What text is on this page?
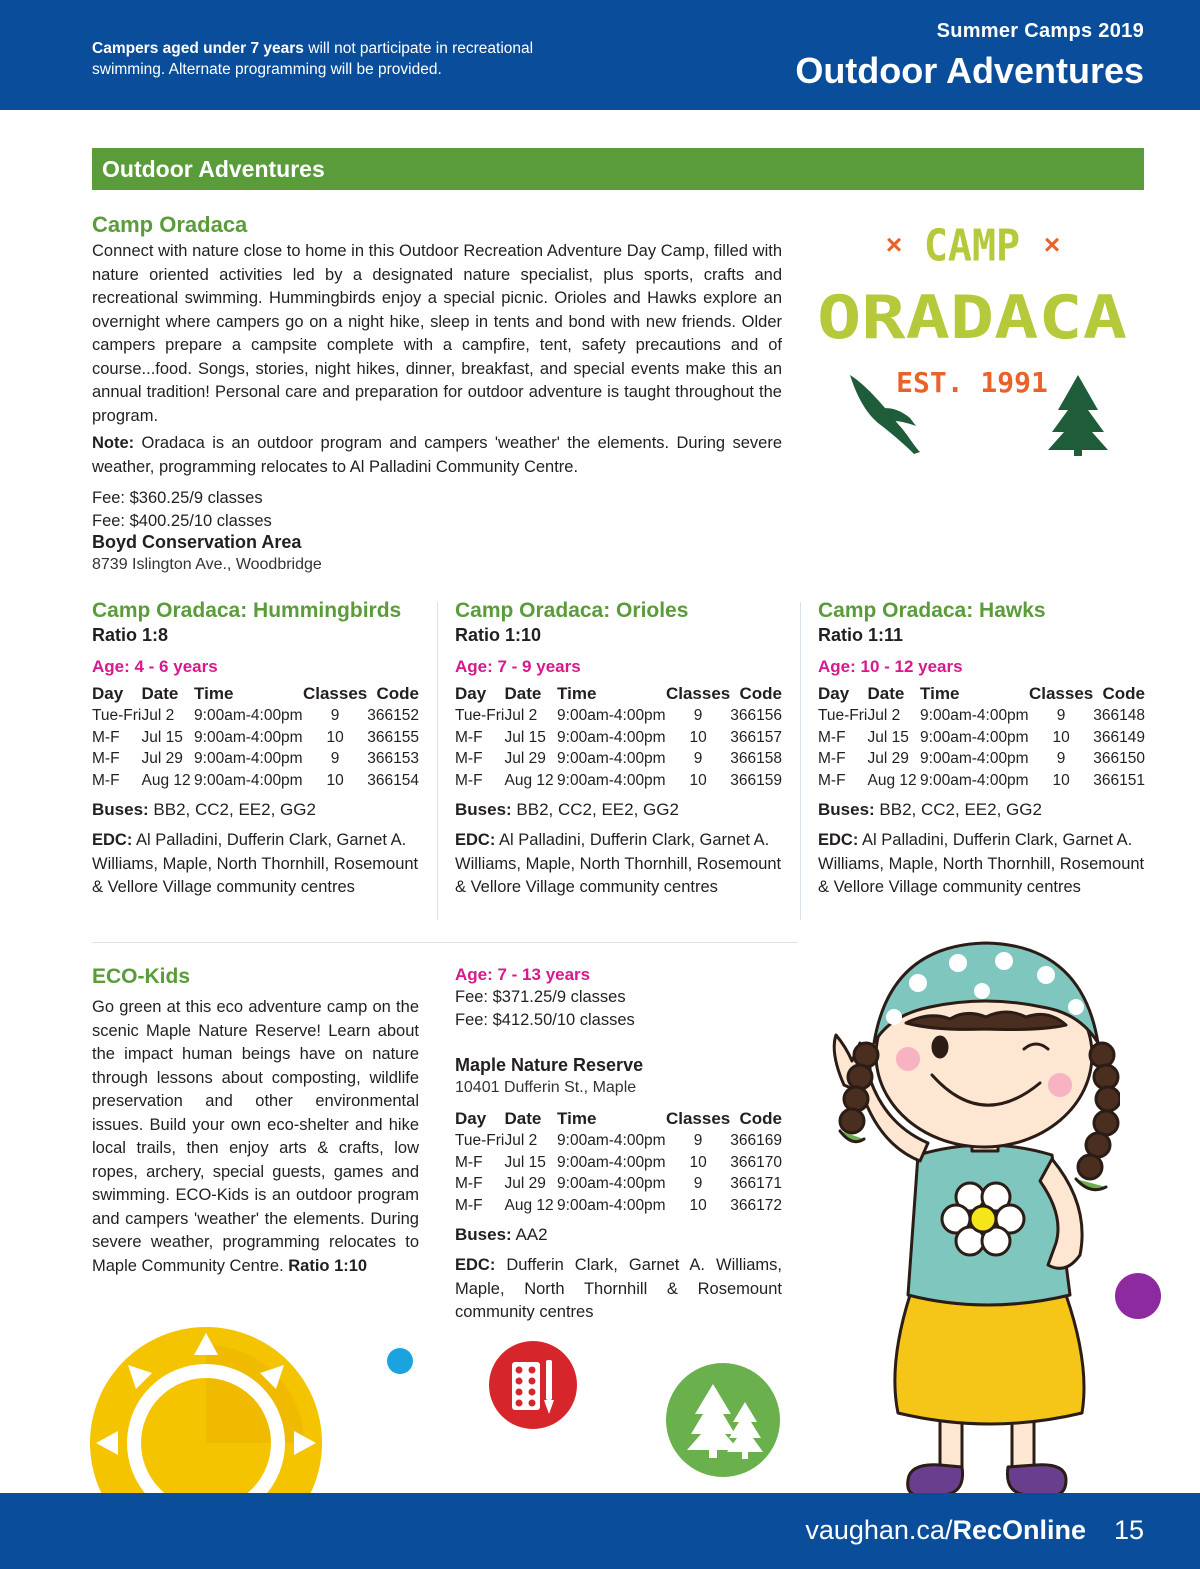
Campers aged under 7 years will not participate in recreational swimming. Alternate programming will be provided.
Summer Camps 2019
Outdoor Adventures
Outdoor Adventures
Camp Oradaca

Connect with nature close to home in this Outdoor Recreation Adventure Day Camp, filled with nature oriented activities led by a designated nature specialist, plus sports, crafts and recreational swimming. Hummingbirds enjoy a special picnic. Orioles and Hawks explore an overnight where campers go on a night hike, sleep in tents and bond with new friends. Older campers prepare a campsite complete with a campfire, tent, safety precautions and of course...food. Songs, stories, night hikes, dinner, breakfast, and special events make this an annual tradition! Personal care and preparation for outdoor adventure is taught throughout the program.

Note: Oradaca is an outdoor program and campers 'weather' the elements. During severe weather, programming relocates to Al Palladini Community Centre.

Fee: $360.25/9 classes
Fee: $400.25/10 classes
Boyd Conservation Area
8739 Islington Ave., Woodbridge
× CAMP ×
ORADACA
EST. 1991
Camp Oradaca: Hummingbirds
Ratio 1:8
Age: 4 - 6 years
Day	Date	Time	Classes	Code
Tue-Fri	Jul 2	9:00am-4:00pm	9	366152
M-F	Jul 15	9:00am-4:00pm	10	366155
M-F	Jul 29	9:00am-4:00pm	9	366153
M-F	Aug 12	9:00am-4:00pm	10	366154
Buses: BB2, CC2, EE2, GG2
EDC: Al Palladini, Dufferin Clark, Garnet A. Williams, Maple, North Thornhill, Rosemount & Vellore Village community centres
Camp Oradaca: Orioles
Ratio 1:10
Age: 7 - 9 years
Day	Date	Time	Classes	Code
Tue-Fri	Jul 2	9:00am-4:00pm	9	366156
M-F	Jul 15	9:00am-4:00pm	10	366157
M-F	Jul 29	9:00am-4:00pm	9	366158
M-F	Aug 12	9:00am-4:00pm	10	366159
Buses: BB2, CC2, EE2, GG2
EDC: Al Palladini, Dufferin Clark, Garnet A. Williams, Maple, North Thornhill, Rosemount & Vellore Village community centres
Camp Oradaca: Hawks
Ratio 1:11
Age: 10 - 12 years
Day	Date	Time	Classes	Code
Tue-Fri	Jul 2	9:00am-4:00pm	9	366148
M-F	Jul 15	9:00am-4:00pm	10	366149
M-F	Jul 29	9:00am-4:00pm	9	366150
M-F	Aug 12	9:00am-4:00pm	10	366151
Buses: BB2, CC2, EE2, GG2
EDC: Al Palladini, Dufferin Clark, Garnet A. Williams, Maple, North Thornhill, Rosemount & Vellore Village community centres
ECO-Kids

Go green at this eco adventure camp on the scenic Maple Nature Reserve! Learn about the impact human beings have on nature through lessons about composting, wildlife preservation and other environmental issues. Build your own eco-shelter and hike local trails, then enjoy arts & crafts, low ropes, archery, special guests, games and swimming. ECO-Kids is an outdoor program and campers 'weather' the elements. During severe weather, programming relocates to Maple Community Centre. Ratio 1:10

Age: 7 - 13 years
Fee: $371.25/9 classes
Fee: $412.50/10 classes
Maple Nature Reserve
10401 Dufferin St., Maple
Day	Date	Time	Classes	Code
Tue-Fri	Jul 2	9:00am-4:00pm	9	366169
M-F	Jul 15	9:00am-4:00pm	10	366170
M-F	Jul 29	9:00am-4:00pm	9	366171
M-F	Aug 12	9:00am-4:00pm	10	366172
Buses: AA2
EDC: Dufferin Clark, Garnet A. Williams, Maple, North Thornhill & Rosemount community centres
vaughan.ca/RecOnline 15
